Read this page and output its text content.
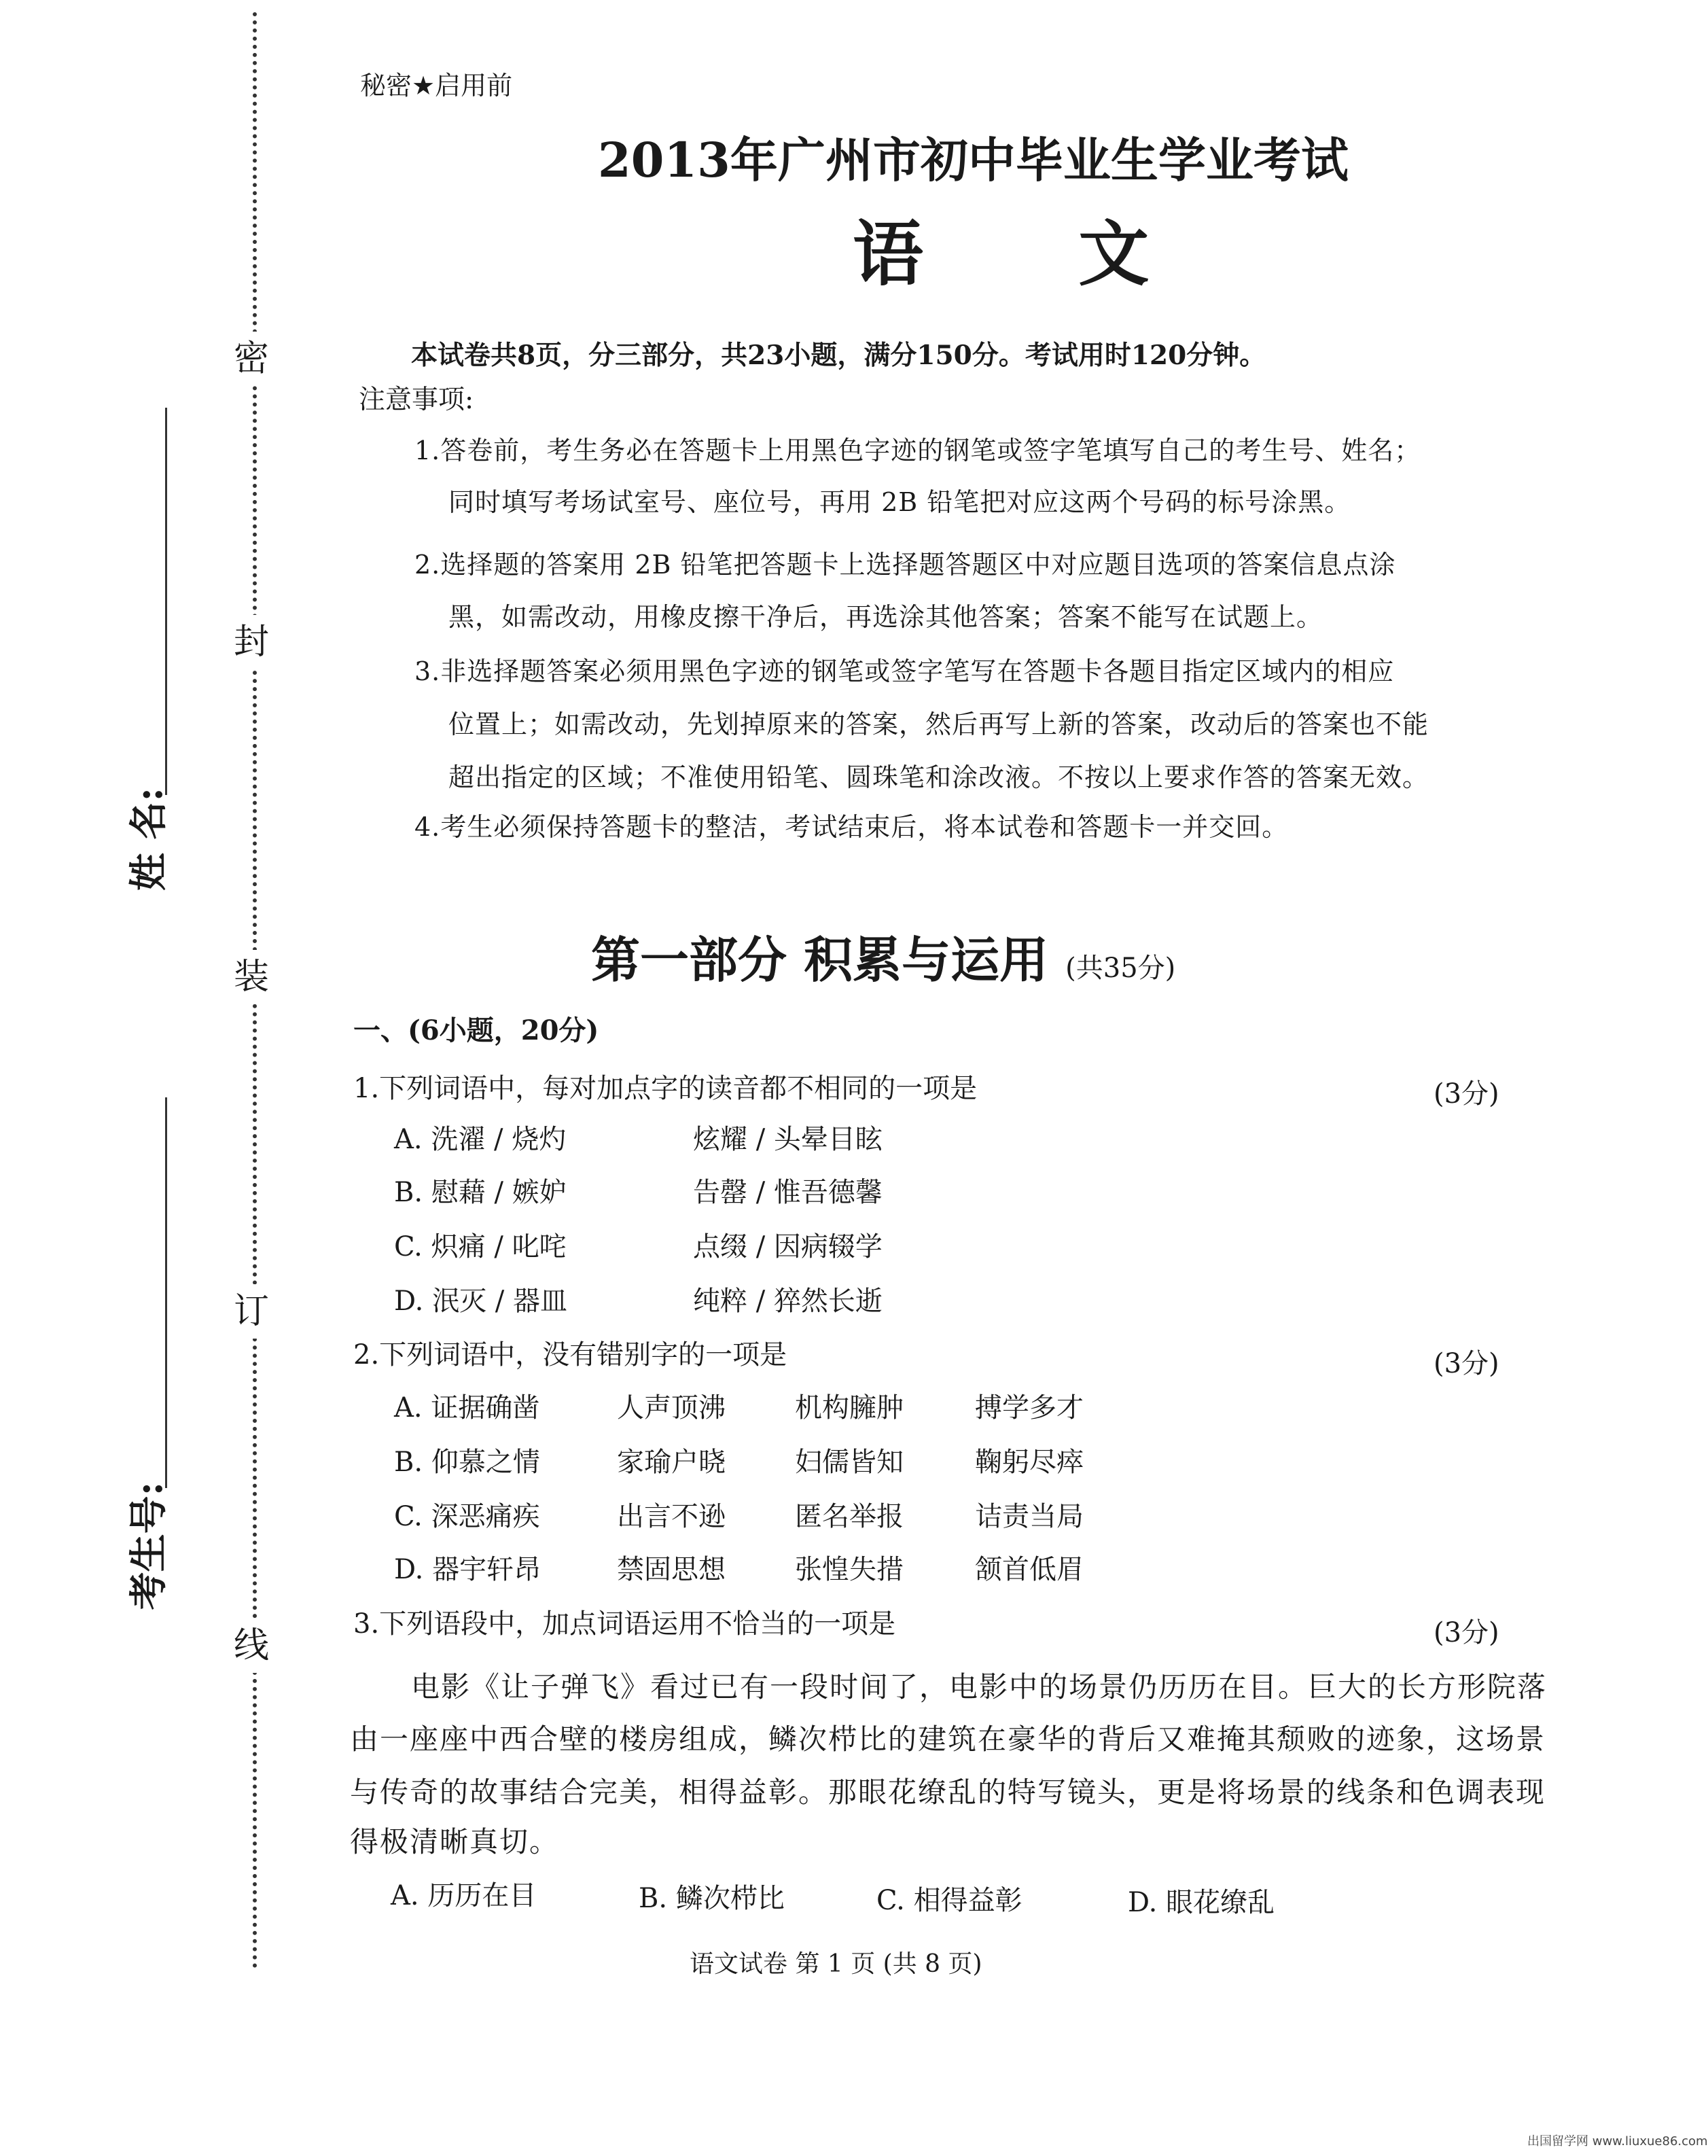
密
封
装
订
线
姓 名:
考生号:
秘密★启用前
2013年广州市初中毕业生学业考试
语 文
本试卷共8页，分三部分，共23小题，满分150分。考试用时120分钟。
注意事项:
1.答卷前，考生务必在答题卡上用黑色字迹的钢笔或签字笔填写自己的考生号、姓名；
同时填写考场试室号、座位号，再用 2B 铅笔把对应这两个号码的标号涂黑。
2.选择题的答案用 2B 铅笔把答题卡上选择题答题区中对应题目选项的答案信息点涂
黑，如需改动，用橡皮擦干净后，再选涂其他答案；答案不能写在试题上。
3.非选择题答案必须用黑色字迹的钢笔或签字笔写在答题卡各题目指定区域内的相应
位置上；如需改动，先划掉原来的答案，然后再写上新的答案，改动后的答案也不能
超出指定的区域；不准使用铅笔、圆珠笔和涂改液。不按以上要求作答的答案无效。
4.考生必须保持答题卡的整洁，考试结束后，将本试卷和答题卡一并交回。
第一部分 积累与运用 (共35分)
一、(6小题，20分)
1.下列词语中，每对加点字的读音都不相同的一项是	(3分)
A. 洗濯 / 烧灼	炫耀 / 头晕目眩
B. 慰藉 / 嫉妒	告罄 / 惟吾德馨
C. 炽痛 / 叱咤	点缀 / 因病辍学
D. 泯灭 / 器皿	纯粹 / 猝然长逝
2.下列词语中，没有错别字的一项是	(3分)
A. 证据确凿	人声顶沸	机构臃肿	搏学多才
B. 仰慕之情	家瑜户晓	妇儒皆知	鞠躬尽瘁
C. 深恶痛疾	出言不逊	匿名举报	诘责当局
D. 器宇轩昂	禁固思想	张惶失措	颔首低眉
3.下列语段中，加点词语运用不恰当的一项是	(3分)
电影《让子弹飞》看过已有一段时间了，电影中的场景仍历历在目。巨大的长方形院落
由一座座中西合壁的楼房组成，鳞次栉比的建筑在豪华的背后又难掩其颓败的迹象，这场景
与传奇的故事结合完美，相得益彰。那眼花缭乱的特写镜头，更是将场景的线条和色调表现
得极清晰真切。
A. 历历在目	B. 鳞次栉比	C. 相得益彰	D. 眼花缭乱
语文试卷 第 1 页 (共 8 页)
出国留学网 www.liuxue86.com
